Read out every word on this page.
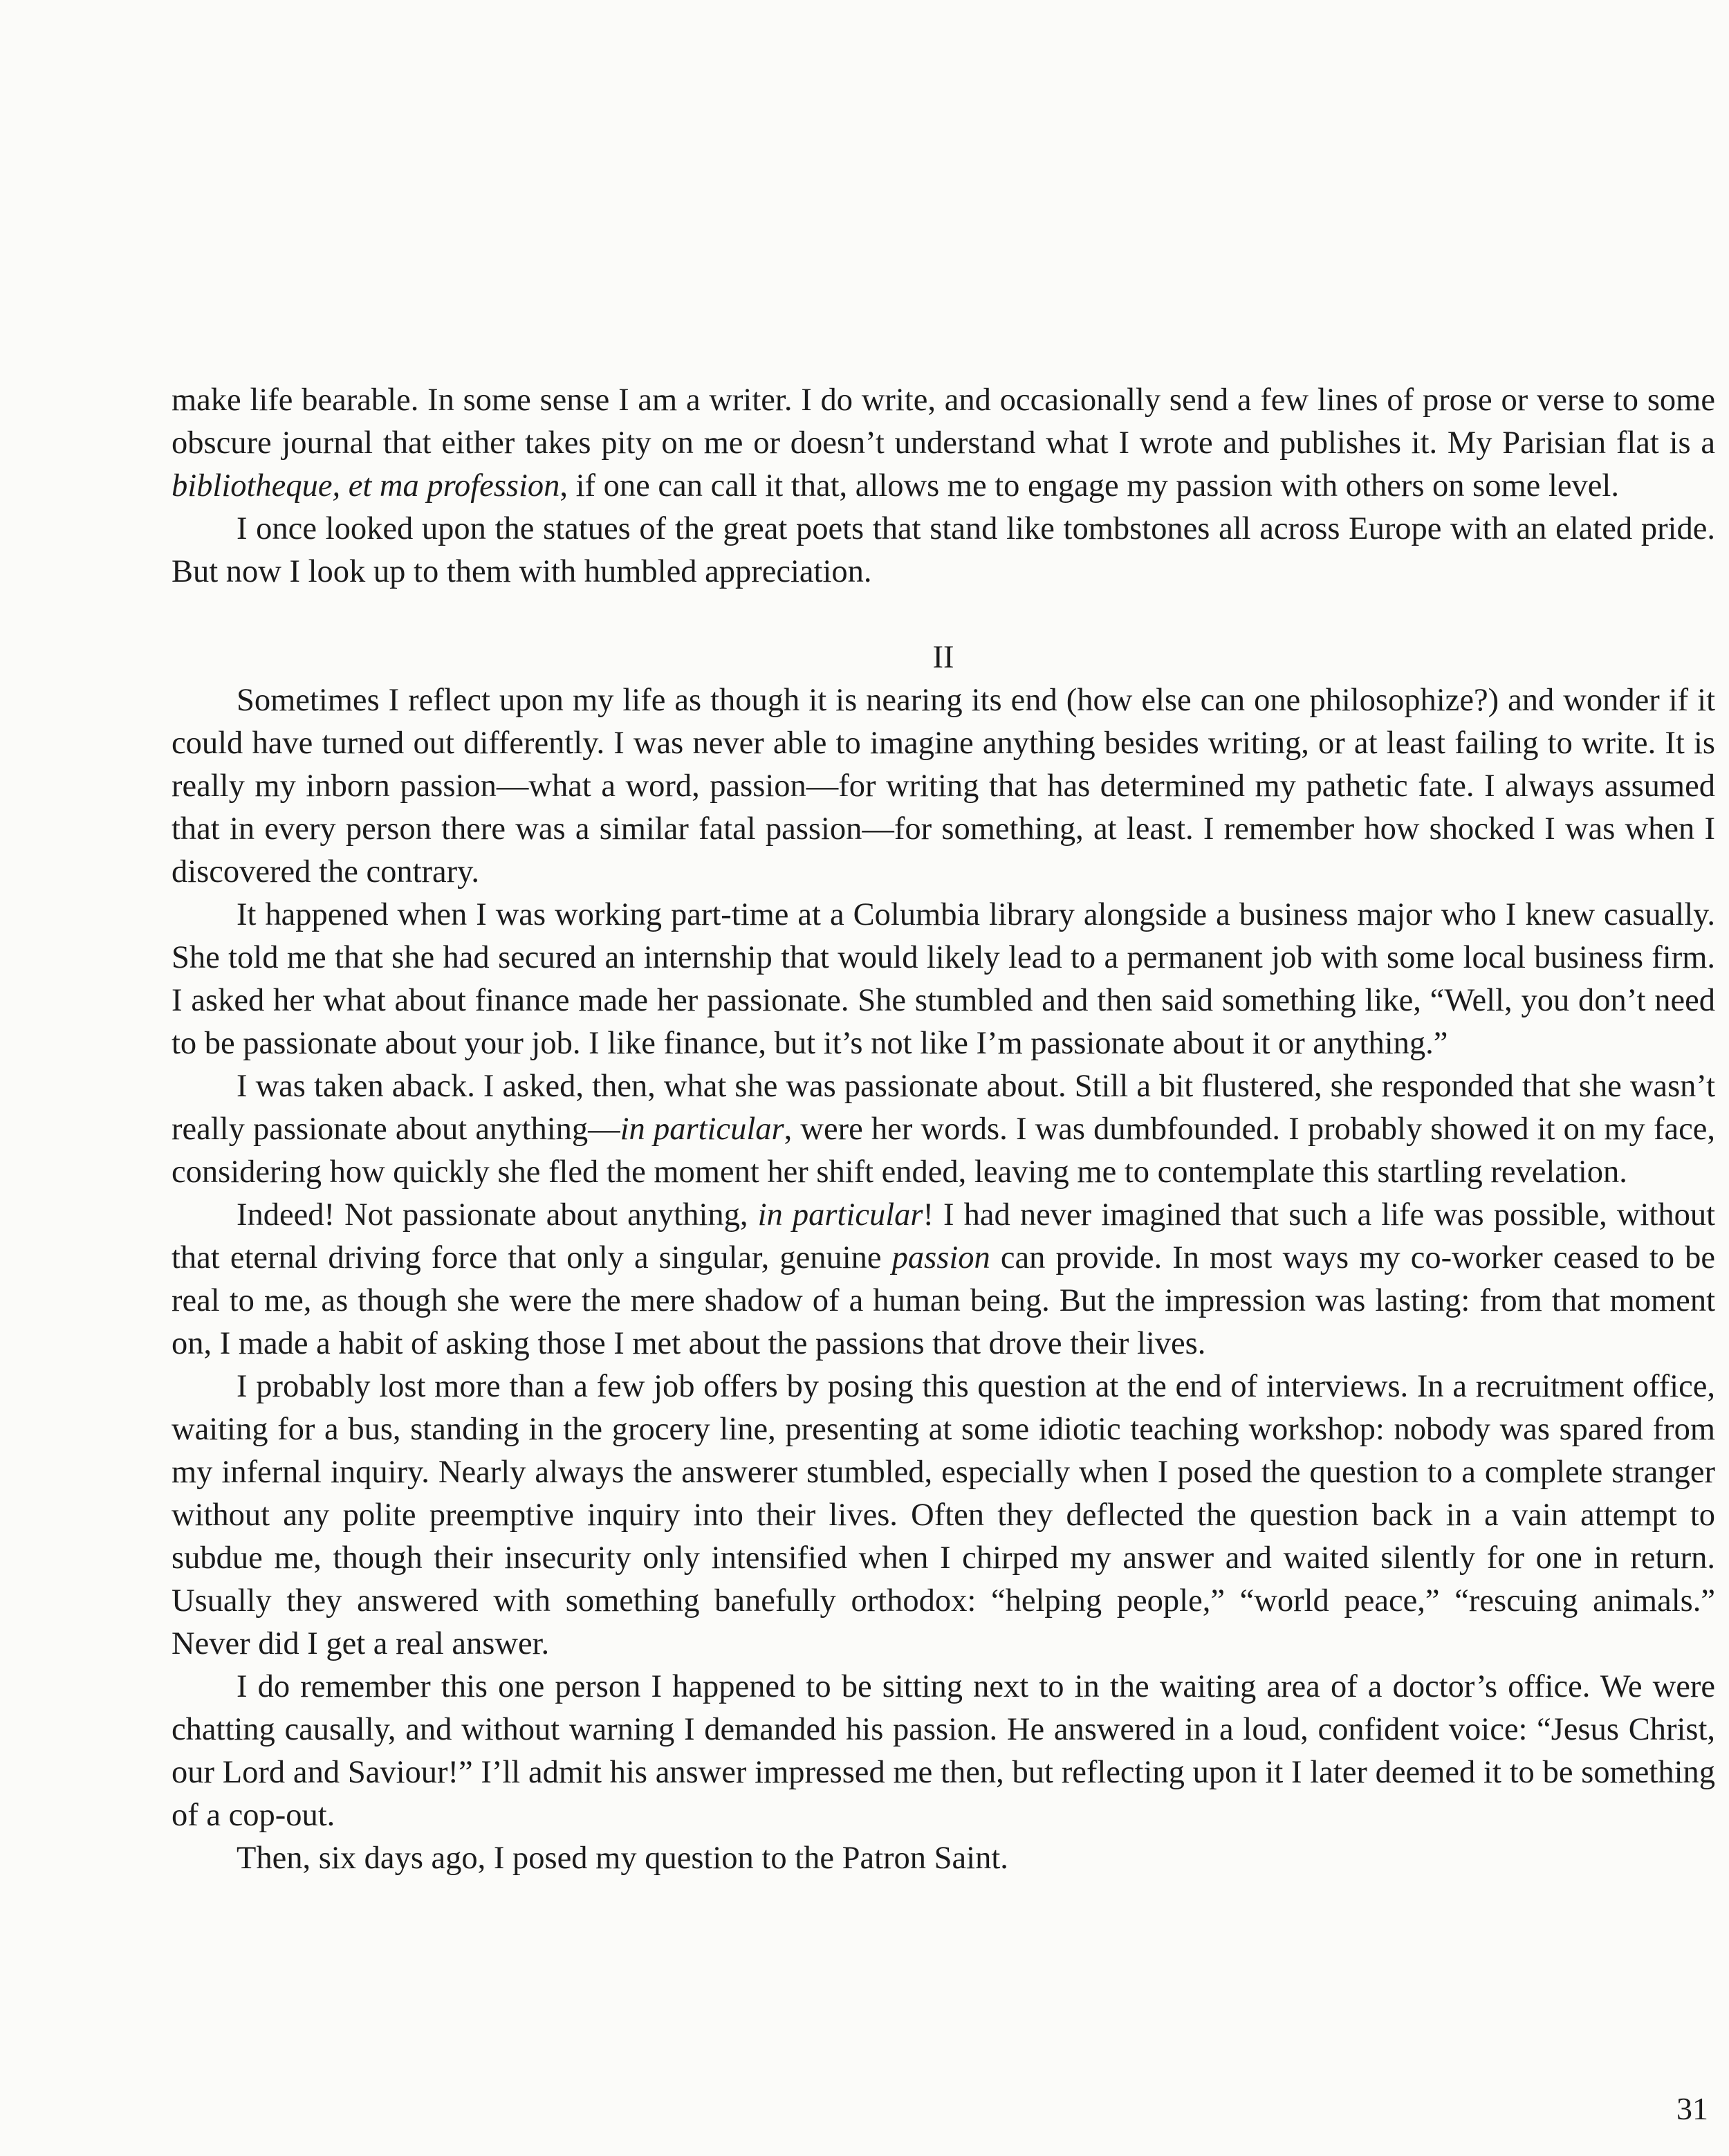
make life bearable. In some sense I am a writer. I do write, and occasionally send a few lines of prose or verse to some obscure journal that either takes pity on me or doesn’t understand what I wrote and publishes it. My Parisian flat is a bibliotheque, et ma profession, if one can call it that, allows me to engage my passion with others on some level.

I once looked upon the statues of the great poets that stand like tombstones all across Europe with an elated pride. But now I look up to them with humbled appreciation.

II

Sometimes I reflect upon my life as though it is nearing its end (how else can one philosophize?) and wonder if it could have turned out differently. I was never able to imagine anything besides writing, or at least failing to write. It is really my inborn passion—what a word, passion—for writing that has determined my pathetic fate. I always assumed that in every person there was a similar fatal passion—for something, at least. I remember how shocked I was when I discovered the contrary.

It happened when I was working part-time at a Columbia library alongside a business major who I knew casually. She told me that she had secured an internship that would likely lead to a permanent job with some local business firm. I asked her what about finance made her passionate. She stumbled and then said something like, “Well, you don’t need to be passionate about your job. I like finance, but it’s not like I’m passionate about it or anything.”

I was taken aback. I asked, then, what she was passionate about. Still a bit flustered, she responded that she wasn’t really passionate about anything—in particular, were her words. I was dumbfounded. I probably showed it on my face, considering how quickly she fled the moment her shift ended, leaving me to contemplate this startling revelation.

Indeed! Not passionate about anything, in particular! I had never imagined that such a life was possible, without that eternal driving force that only a singular, genuine passion can provide. In most ways my co-worker ceased to be real to me, as though she were the mere shadow of a human being. But the impression was lasting: from that moment on, I made a habit of asking those I met about the passions that drove their lives.

I probably lost more than a few job offers by posing this question at the end of interviews. In a recruitment office, waiting for a bus, standing in the grocery line, presenting at some idiotic teaching workshop: nobody was spared from my infernal inquiry. Nearly always the answerer stumbled, especially when I posed the question to a complete stranger without any polite preemptive inquiry into their lives. Often they deflected the question back in a vain attempt to subdue me, though their insecurity only intensified when I chirped my answer and waited silently for one in return. Usually they answered with something banefully orthodox: “helping people,” “world peace,” “rescuing animals.” Never did I get a real answer.

I do remember this one person I happened to be sitting next to in the waiting area of a doctor’s office. We were chatting causally, and without warning I demanded his passion. He answered in a loud, confident voice: “Jesus Christ, our Lord and Saviour!” I’ll admit his answer impressed me then, but reflecting upon it I later deemed it to be something of a cop-out.

Then, six days ago, I posed my question to the Patron Saint.

31
